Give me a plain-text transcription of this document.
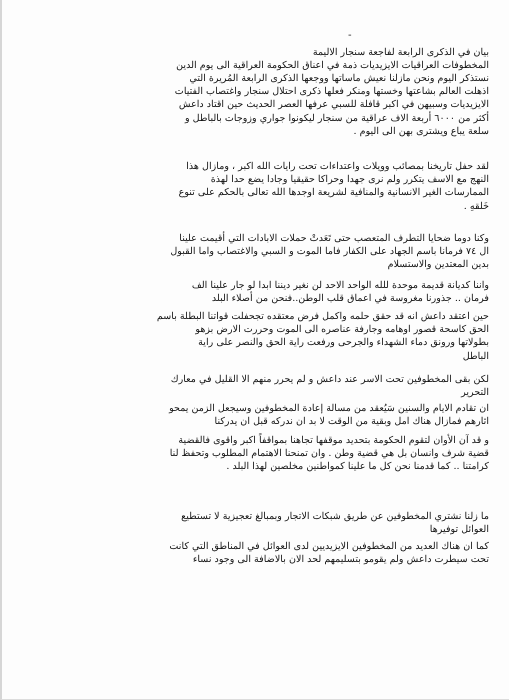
-
بيان في الذكرى الرابعة لفاجعة سنجار الاليمة
المخطوفات العراقيات الايزيديات ذمة في اعناق الحكومة العراقية الى يوم الدين
نستذكر اليوم ونحن مازلنا نعيش ماساتها ووجعها الذكرى الرابعة المُريرة التي
اذهلت العالم بشاعتها وخستها ومنكر فعلها ذكرى احتلال سنجار واغتصاب الفتيات
الايزيديات وسبيهن في اكبر قافلة للسبي عرفها العصر الحديث حين اقتاد داعش
أكثر من ٦٠٠٠ أربعة الاف عراقية من سنجار ليكونوا جواري وزوجات بالباطل و
سلعة يباع ويشترى بهن الى اليوم .
لقد حفل تاريخنا بمصائب وويلات واعتداءات تحت رايات الله اكبر ، ومازال هذا
النهج مع الاسف يتكرر ولم نرى جهدا وحراكا حقيقيا وجادا يضع حدا لهذة
الممارسات الغير الانسانية والمنافية لشريعة اوجدها الله تعالى بالحكم على تنوع
خَلقهِ .
وكنا دوما ضحايا التطرف المتعصب حتى تَعَدتْ حملات الابادات التي أقيمت علينا
ال ٧٤ فرمانا باسم الجهاد على الكفار فاما الموت و السبي والاغتصاب واما القبول
بدين المعتدين والاستسلام
واننا كديانة قديمة موحدة للله الواحد الاحد لن نغير ديننا ابدا لو جار علينا الف
فرمان .. جذورنا مغروسة في اعماق قلب الوطن..فنحن من أصلاء البلد
حين اعتقد داعش انه قد حقق حلمه واكمل فرض معتقده تجحفلت قواتنا البطلة باسم
الحق كاسحة قصور اوهامه وجارفة عناصره الى الموت وحررت الارض بزهو
بطولاتها ورونق دماء الشهداء والجرحى ورفعت راية الحق والنصر على راية
الباطل
لكن بقى المخطوفين تحت الاسر عند داعش و لم يحرر منهم الا القليل في معارك
التحرير
ان تقادم الايام والسنين سَيُعقد من مسالة إعادة المخطوفين وسيجعل الزمن يمحو
اثارهم فمازال هناك امل وبقية من الوقت لا بد ان ندركه قبل ان يدركنا
و قد آن الأوان لتقوم الحكومة بتحديد موقفها تجاهنا بمواقفاً اكبر واقوى فالقضية
قضية شرف وانسان بل هي قضية وطن . وان تمنحنا الاهتمام المطلوب وتحفظ لنا
كرامتنا .. كما قدمنا نحن كل ما علينا كمواطنين مخلصين لهذا البلد .
ما زلنا نشتري المخطوفين عن طريق شبكات الاتجار وبمبالغ تعجيزية لا تستطيع
العوائل توفيرها
كما ان هناك العديد من المخطوفين الايزيديين لدى العوائل في المناطق التي كانت
تحت سيطرت داعش ولم يقومو بتسليمهم لحد الان بالاضافة الى وجود نساء
